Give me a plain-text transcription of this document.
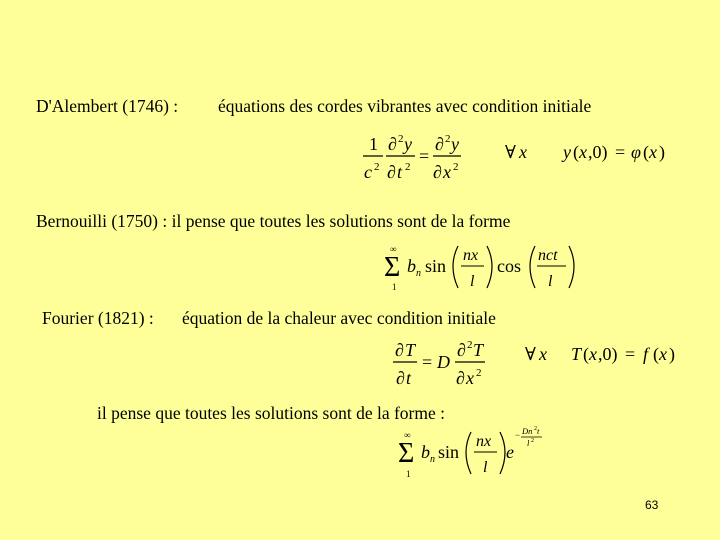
D'Alembert (1746) : équations des cordes vibrantes avec condition initiale
1
c 2
∂ 2 y
∂ t 2
=
∂ 2 y
∂ x 2
∀ x y ( x ,0) = φ ( x )
Bernouilli (1750) : il pense que toutes les solutions sont de la forme
∞
Σ
1
b n sin
nx
l
cos
nct
l
Fourier (1821) : équation de la chaleur avec condition initiale
∂ T
∂ t
= D
∂ 2 T
∂ x 2
∀ x T ( x ,0) = f ( x )
il pense que toutes les solutions sont de la forme :
∞
Σ
1
b n sin
nx
l
e
− Dn 2 t
l 2
63
